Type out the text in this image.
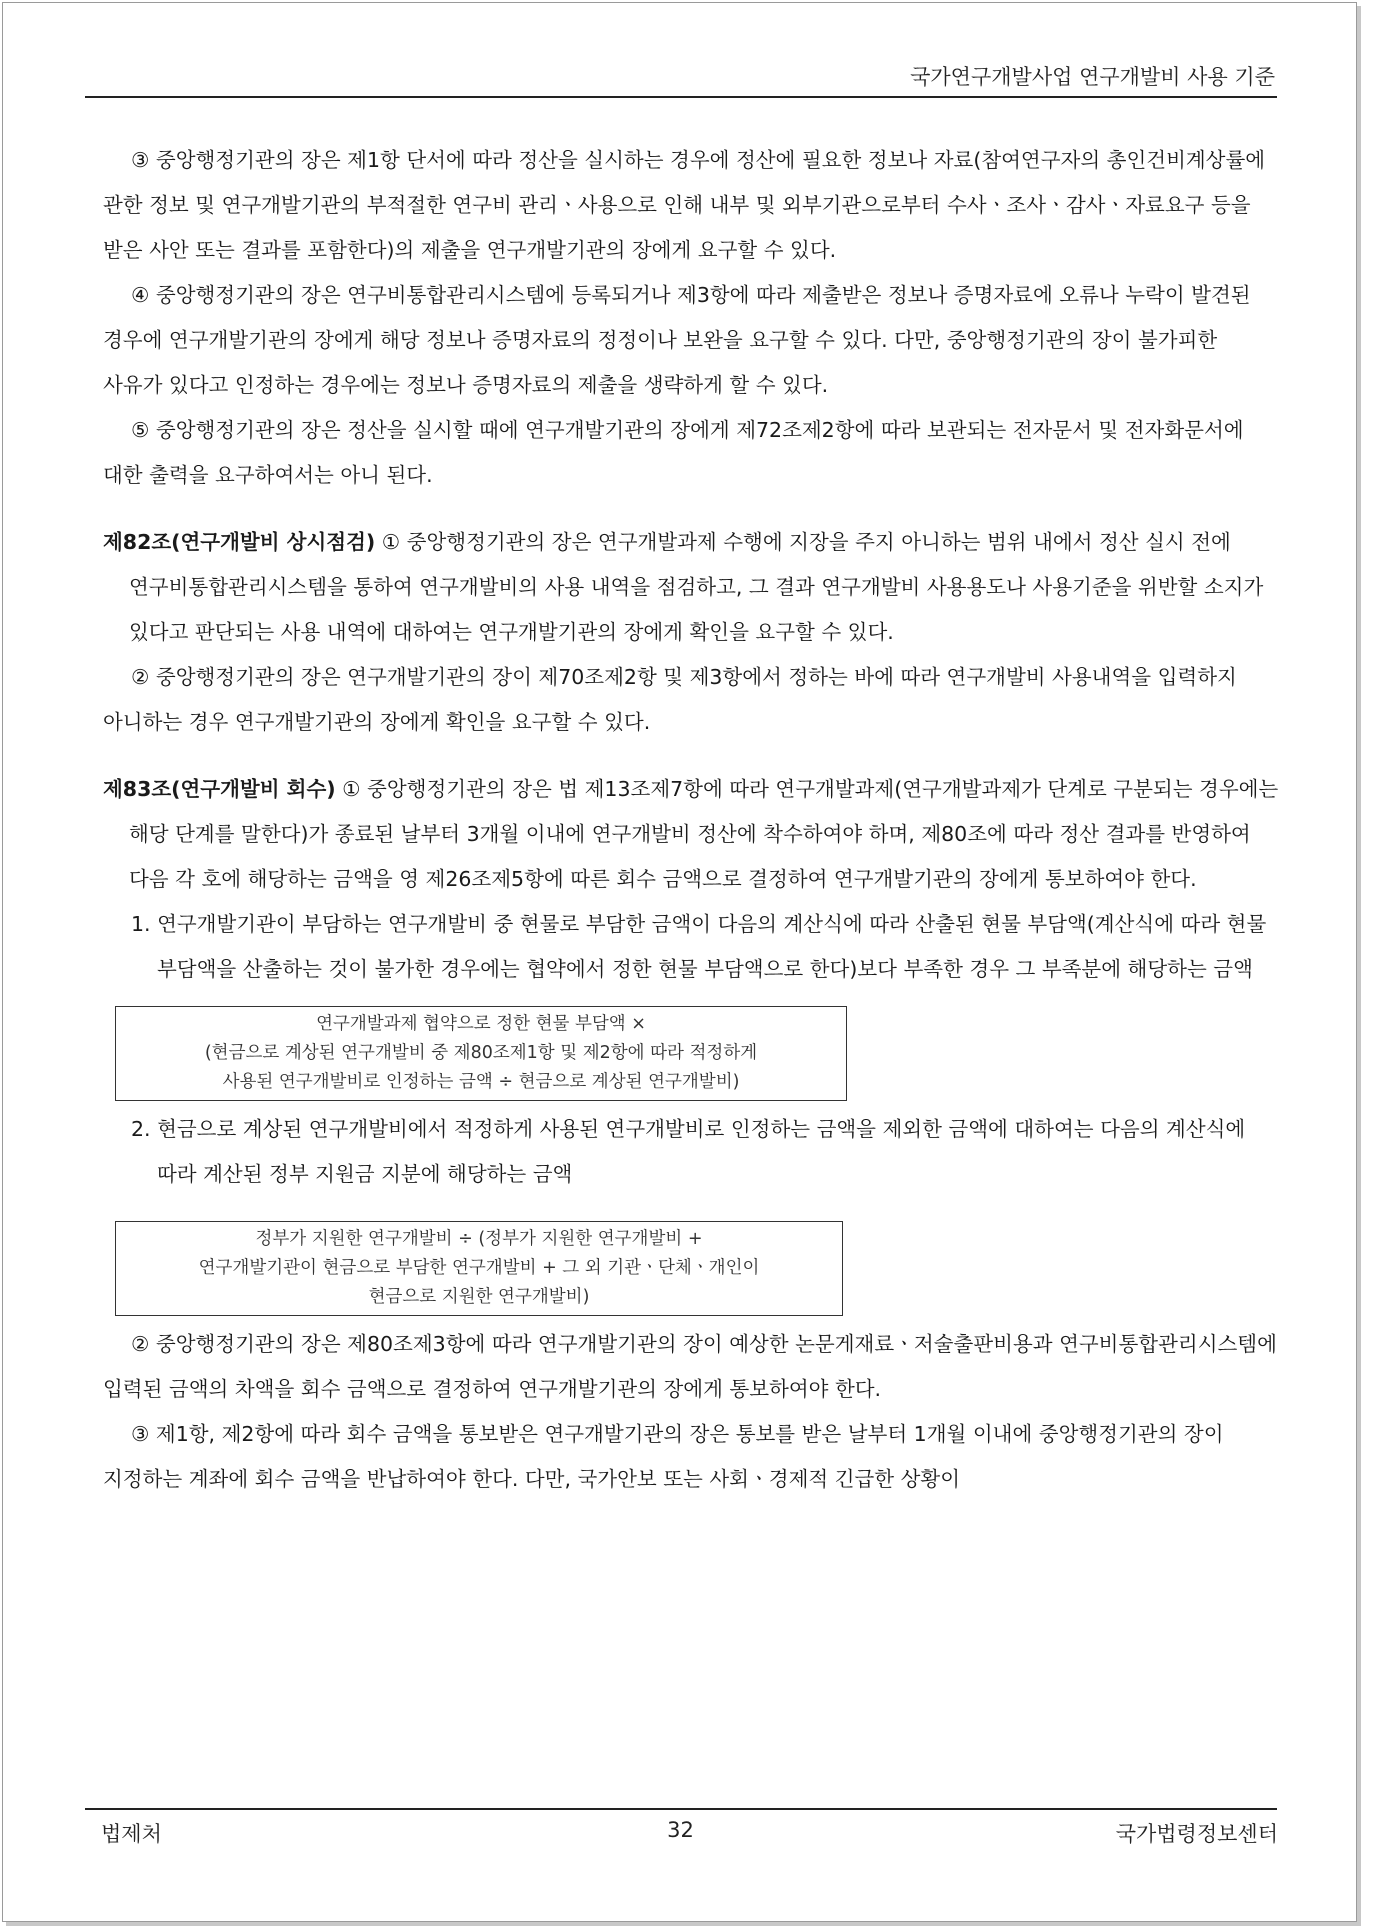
국가연구개발사업 연구개발비 사용 기준

③ 중앙행정기관의 장은 제1항 단서에 따라 정산을 실시하는 경우에 정산에 필요한 정보나 자료(참여연구자의 총인건비계상률에 관한 정보 및 연구개발기관의 부적절한 연구비 관리ㆍ사용으로 인해 내부 및 외부기관으로부터 수사ㆍ조사ㆍ감사ㆍ자료요구 등을 받은 사안 또는 결과를 포함한다)의 제출을 연구개발기관의 장에게 요구할 수 있다.

④ 중앙행정기관의 장은 연구비통합관리시스템에 등록되거나 제3항에 따라 제출받은 정보나 증명자료에 오류나 누락이 발견된 경우에 연구개발기관의 장에게 해당 정보나 증명자료의 정정이나 보완을 요구할 수 있다. 다만, 중앙행정기관의 장이 불가피한 사유가 있다고 인정하는 경우에는 정보나 증명자료의 제출을 생략하게 할 수 있다.

⑤ 중앙행정기관의 장은 정산을 실시할 때에 연구개발기관의 장에게 제72조제2항에 따라 보관되는 전자문서 및 전자화문서에 대한 출력을 요구하여서는 아니 된다.

제82조(연구개발비 상시점검) ① 중앙행정기관의 장은 연구개발과제 수행에 지장을 주지 아니하는 범위 내에서 정산 실시 전에 연구비통합관리시스템을 통하여 연구개발비의 사용 내역을 점검하고, 그 결과 연구개발비 사용용도나 사용기준을 위반할 소지가 있다고 판단되는 사용 내역에 대하여는 연구개발기관의 장에게 확인을 요구할 수 있다.

② 중앙행정기관의 장은 연구개발기관의 장이 제70조제2항 및 제3항에서 정하는 바에 따라 연구개발비 사용내역을 입력하지 아니하는 경우 연구개발기관의 장에게 확인을 요구할 수 있다.

제83조(연구개발비 회수) ① 중앙행정기관의 장은 법 제13조제7항에 따라 연구개발과제(연구개발과제가 단계로 구분되는 경우에는 해당 단계를 말한다)가 종료된 날부터 3개월 이내에 연구개발비 정산에 착수하여야 하며, 제80조에 따라 정산 결과를 반영하여 다음 각 호에 해당하는 금액을 영 제26조제5항에 따른 회수 금액으로 결정하여 연구개발기관의 장에게 통보하여야 한다.

1. 연구개발기관이 부담하는 연구개발비 중 현물로 부담한 금액이 다음의 계산식에 따라 산출된 현물 부담액(계산식에 따라 현물 부담액을 산출하는 것이 불가한 경우에는 협약에서 정한 현물 부담액으로 한다)보다 부족한 경우 그 부족분에 해당하는 금액

연구개발과제 협약으로 정한 현물 부담액 ×
(현금으로 계상된 연구개발비 중 제80조제1항 및 제2항에 따라 적정하게
사용된 연구개발비로 인정하는 금액 ÷ 현금으로 계상된 연구개발비)

2. 현금으로 계상된 연구개발비에서 적정하게 사용된 연구개발비로 인정하는 금액을 제외한 금액에 대하여는 다음의 계산식에 따라 계산된 정부 지원금 지분에 해당하는 금액

정부가 지원한 연구개발비 ÷ (정부가 지원한 연구개발비 +
연구개발기관이 현금으로 부담한 연구개발비 + 그 외 기관ㆍ단체ㆍ개인이
현금으로 지원한 연구개발비)

② 중앙행정기관의 장은 제80조제3항에 따라 연구개발기관의 장이 예상한 논문게재료ㆍ저술출판비용과 연구비통합관리시스템에 입력된 금액의 차액을 회수 금액으로 결정하여 연구개발기관의 장에게 통보하여야 한다.

③ 제1항, 제2항에 따라 회수 금액을 통보받은 연구개발기관의 장은 통보를 받은 날부터 1개월 이내에 중앙행정기관의 장이 지정하는 계좌에 회수 금액을 반납하여야 한다. 다만, 국가안보 또는 사회ㆍ경제적 긴급한 상황이

법제처	32	국가법령정보센터
